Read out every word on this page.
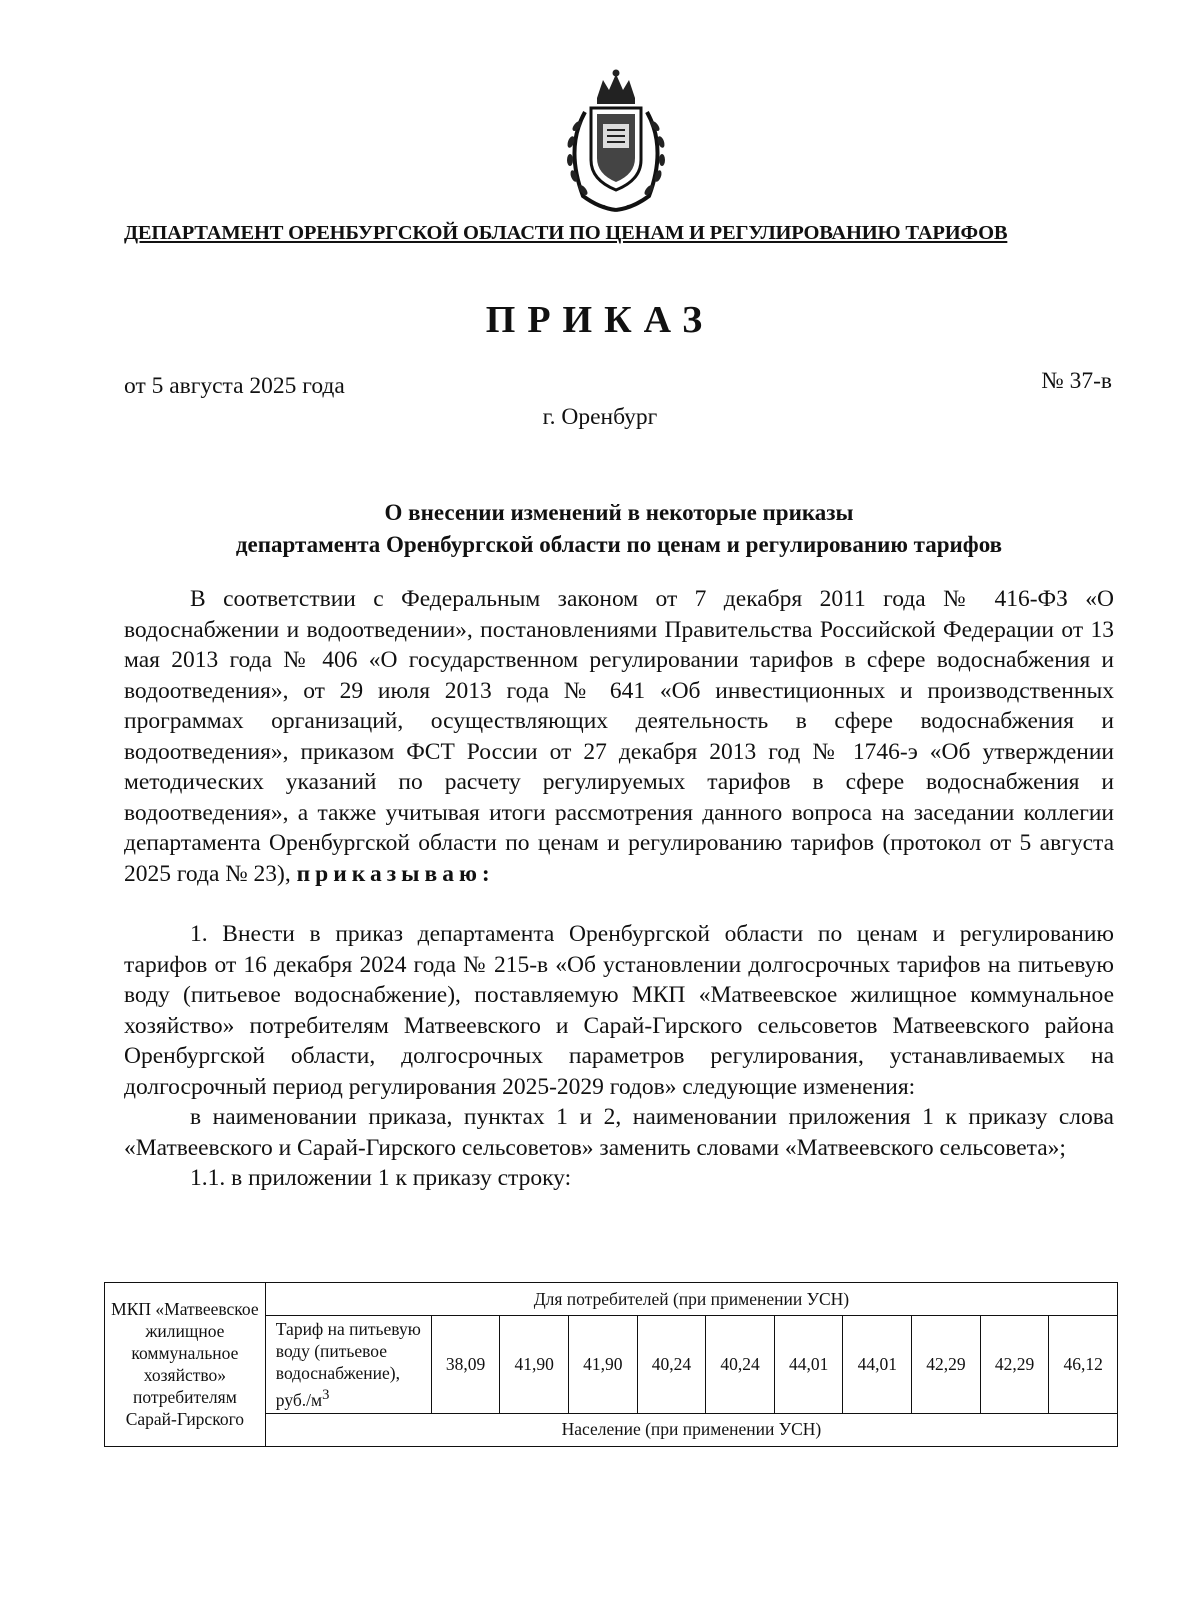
ДЕПАРТАМЕНТ ОРЕНБУРГСКОЙ ОБЛАСТИ ПО ЦЕНАМ И РЕГУЛИРОВАНИЮ ТАРИФОВ
ПРИКАЗ
от 5 августа 2025 года	№ 37-в
г. Оренбург
О внесении изменений в некоторые приказы
департамента Оренбургской области по ценам и регулированию тарифов

В соответствии с Федеральным законом от 7 декабря 2011 года № 416-ФЗ «О водоснабжении и водоотведении», постановлениями Правительства Российской Федерации от 13 мая 2013 года № 406 «О государственном регулировании тарифов в сфере водоснабжения и водоотведения», от 29 июля 2013 года № 641 «Об инвестиционных и производственных программах организаций, осуществляющих деятельность в сфере водоснабжения и водоотведения», приказом ФСТ России от 27 декабря 2013 год № 1746-э «Об утверждении методических указаний по расчету регулируемых тарифов в сфере водоснабжения и водоотведения», а также учитывая итоги рассмотрения данного вопроса на заседании коллегии департамента Оренбургской области по ценам и регулированию тарифов (протокол от 5 августа 2025 года № 23), приказываю:

1. Внести в приказ департамента Оренбургской области по ценам и регулированию тарифов от 16 декабря 2024 года № 215-в «Об установлении долгосрочных тарифов на питьевую воду (питьевое водоснабжение), поставляемую МКП «Матвеевское жилищное коммунальное хозяйство» потребителям Матвеевского и Сарай-Гирского сельсоветов Матвеевского района Оренбургской области, долгосрочных параметров регулирования, устанавливаемых на долгосрочный период регулирования 2025-2029 годов» следующие изменения:

в наименовании приказа, пунктах 1 и 2, наименовании приложения 1 к приказу слова «Матвеевского и Сарай-Гирского сельсоветов» заменить словами «Матвеевского сельсовета»;

1.1. в приложении 1 к приказу строку:

МКП «Матвеевское жилищное коммунальное хозяйство» потребителям Сарай-Гирского	Для потребителей (при применении УСН)										
	Тариф на питьевую воду (питьевое водоснабжение), $руб./м^3$	38,09	41,90	41,90	40,24	40,24	44,01	44,01	42,29	42,29	46,12
	Население (при применении УСН)										
